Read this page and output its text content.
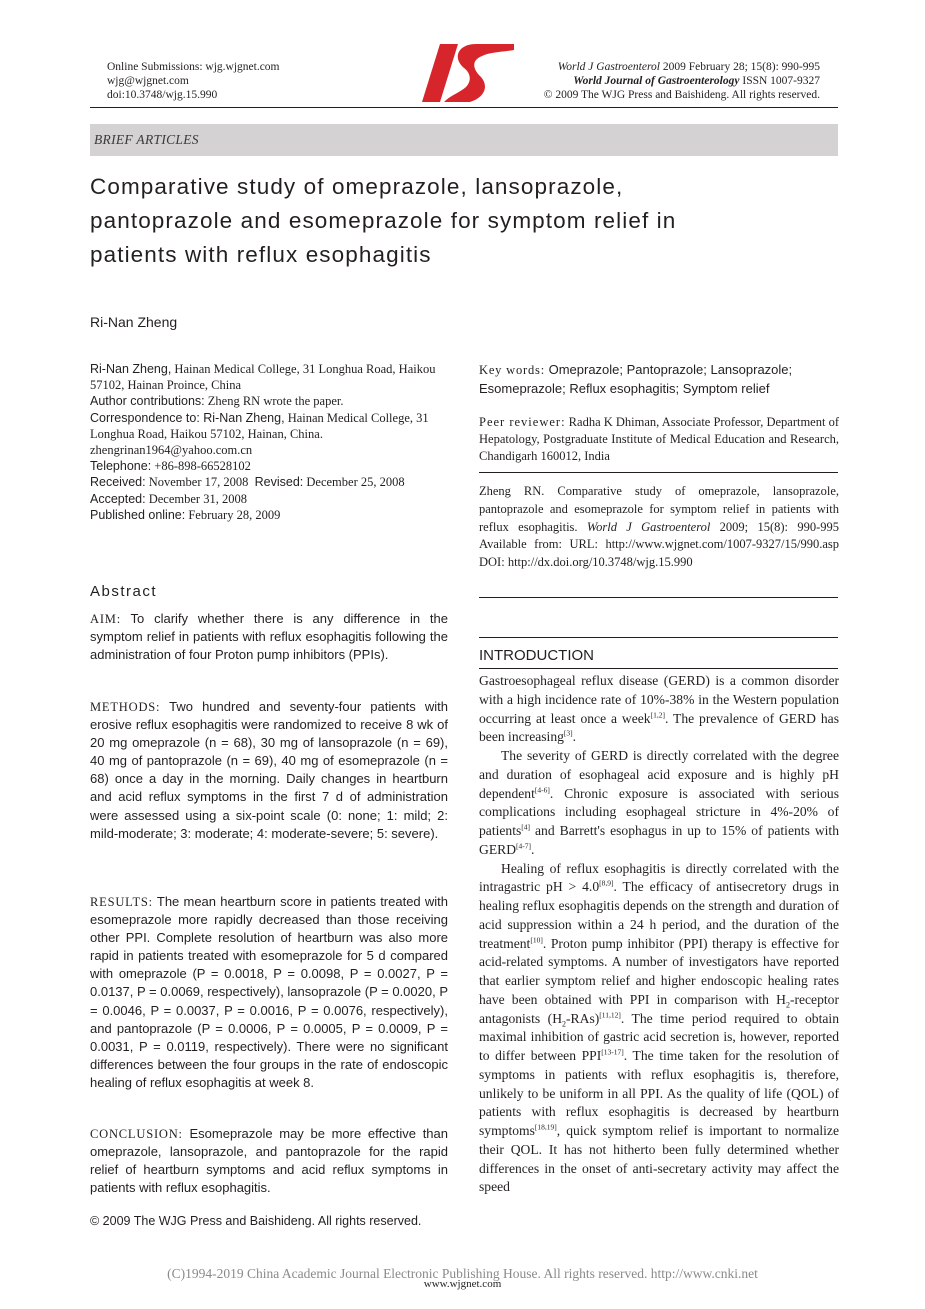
Online Submissions: wjg.wjgnet.com
wjg@wjgnet.com
doi:10.3748/wjg.15.990
World J Gastroenterol 2009 February 28; 15(8): 990-995
World Journal of Gastroenterology ISSN 1007-9327
© 2009 The WJG Press and Baishideng. All rights reserved.
BRIEF ARTICLES
Comparative study of omeprazole, lansoprazole,
pantoprazole and esomeprazole for symptom relief in
patients with reflux esophagitis
Ri-Nan Zheng
Ri-Nan Zheng, Hainan Medical College, 31 Longhua Road, Haikou 57102, Hainan Proince, China
Author contributions: Zheng RN wrote the paper.
Correspondence to: Ri-Nan Zheng, Hainan Medical College, 31 Longhua Road, Haikou 57102, Hainan, China. zhengrinan1964@yahoo.com.cn
Telephone: +86-898-66528102
Received: November 17, 2008 Revised: December 25, 2008
Accepted: December 31, 2008
Published online: February 28, 2009
Abstract
AIM: To clarify whether there is any difference in the symptom relief in patients with reflux esophagitis following the administration of four Proton pump inhibitors (PPIs).
METHODS: Two hundred and seventy-four patients with erosive reflux esophagitis were randomized to receive 8 wk of 20 mg omeprazole (n = 68), 30 mg of lansoprazole (n = 69), 40 mg of pantoprazole (n = 69), 40 mg of esomeprazole (n = 68) once a day in the morning. Daily changes in heartburn and acid reflux symptoms in the first 7 d of administration were assessed using a six-point scale (0: none; 1: mild; 2: mild-moderate; 3: moderate; 4: moderate-severe; 5: severe).
RESULTS: The mean heartburn score in patients treated with esomeprazole more rapidly decreased than those receiving other PPI. Complete resolution of heartburn was also more rapid in patients treated with esomeprazole for 5 d compared with omeprazole (P = 0.0018, P = 0.0098, P = 0.0027, P = 0.0137, P = 0.0069, respectively), lansoprazole (P = 0.0020, P = 0.0046, P = 0.0037, P = 0.0016, P = 0.0076, respectively), and pantoprazole (P = 0.0006, P = 0.0005, P = 0.0009, P = 0.0031, P = 0.0119, respectively). There were no significant differences between the four groups in the rate of endoscopic healing of reflux esophagitis at week 8.
CONCLUSION: Esomeprazole may be more effective than omeprazole, lansoprazole, and pantoprazole for the rapid relief of heartburn symptoms and acid reflux symptoms in patients with reflux esophagitis.
© 2009 The WJG Press and Baishideng. All rights reserved.
Key words: Omeprazole; Pantoprazole; Lansoprazole; Esomeprazole; Reflux esophagitis; Symptom relief
Peer reviewer: Radha K Dhiman, Associate Professor, Department of Hepatology, Postgraduate Institute of Medical Education and Research, Chandigarh 160012, India
Zheng RN. Comparative study of omeprazole, lansoprazole, pantoprazole and esomeprazole for symptom relief in patients with reflux esophagitis. World J Gastroenterol 2009; 15(8): 990-995 Available from: URL: http://www.wjgnet.com/1007-9327/15/990.asp DOI: http://dx.doi.org/10.3748/wjg.15.990
INTRODUCTION

Gastroesophageal reflux disease (GERD) is a common disorder with a high incidence rate of 10%-38% in the Western population occurring at least once a week[1,2]. The prevalence of GERD has been increasing[3].

The severity of GERD is directly correlated with the degree and duration of esophageal acid exposure and is highly pH dependent[4-6]. Chronic exposure is associated with serious complications including esophageal stricture in 4%-20% of patients[4] and Barrett's esophagus in up to 15% of patients with GERD[4-7].

Healing of reflux esophagitis is directly correlated with the intragastric pH > 4.0[8,9]. The efficacy of antisecretory drugs in healing reflux esophagitis depends on the strength and duration of acid suppression within a 24 h period, and the duration of the treatment[10]. Proton pump inhibitor (PPI) therapy is effective for acid-related symptoms. A number of investigators have reported that earlier symptom relief and higher endoscopic healing rates have been obtained with PPI in comparison with $H_2$-receptor antagonists $(H_2-RAs)[11,12]$. The time period required to obtain maximal inhibition of gastric acid secretion is, however, reported to differ between PPI[13-17]. The time taken for the resolution of symptoms in patients with reflux esophagitis is, therefore, unlikely to be uniform in all PPI. As the quality of life (QOL) of patients with reflux esophagitis is decreased by heartburn symptoms[18,19], quick symptom relief is important to normalize their QOL. It has not hitherto been fully determined whether differences in the onset of anti-secretary activity may affect the speed

(C)1994-2019 China Academic Journal Electronic Publishing House. All rights reserved. http://www.cnki.net
www.wjgnet.com
